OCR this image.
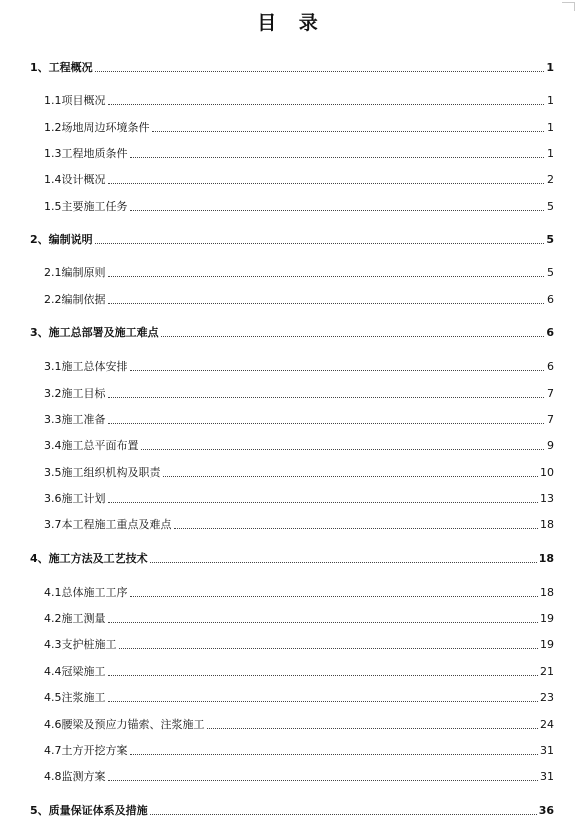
目 录
1、 工程概况	1
1.1 项目概况	1
1.2 场地周边环境条件	1
1.3 工程地质条件	1
1.4 设计概况	2
1.5 主要施工任务	5
2、 编制说明	5
2.1 编制原则	5
2.2 编制依据	6
3、 施工总部署及施工难点	6
3.1 施工总体安排	6
3.2 施工目标	7
3.3 施工准备	7
3.4 施工总平面布置	9
3.5 施工组织机构及职责	10
3.6 施工计划	13
3.7 本工程施工重点及难点	18
4、 施工方法及工艺技术	18
4.1 总体施工工序	18
4.2 施工测量	19
4.3 支护桩施工	19
4.4 冠梁施工	21
4.5 注浆施工	23
4.6 腰梁及预应力锚索、注浆施工	24
4.7 土方开挖方案	31
4.8 监测方案	31
5、 质量保证体系及措施	36
